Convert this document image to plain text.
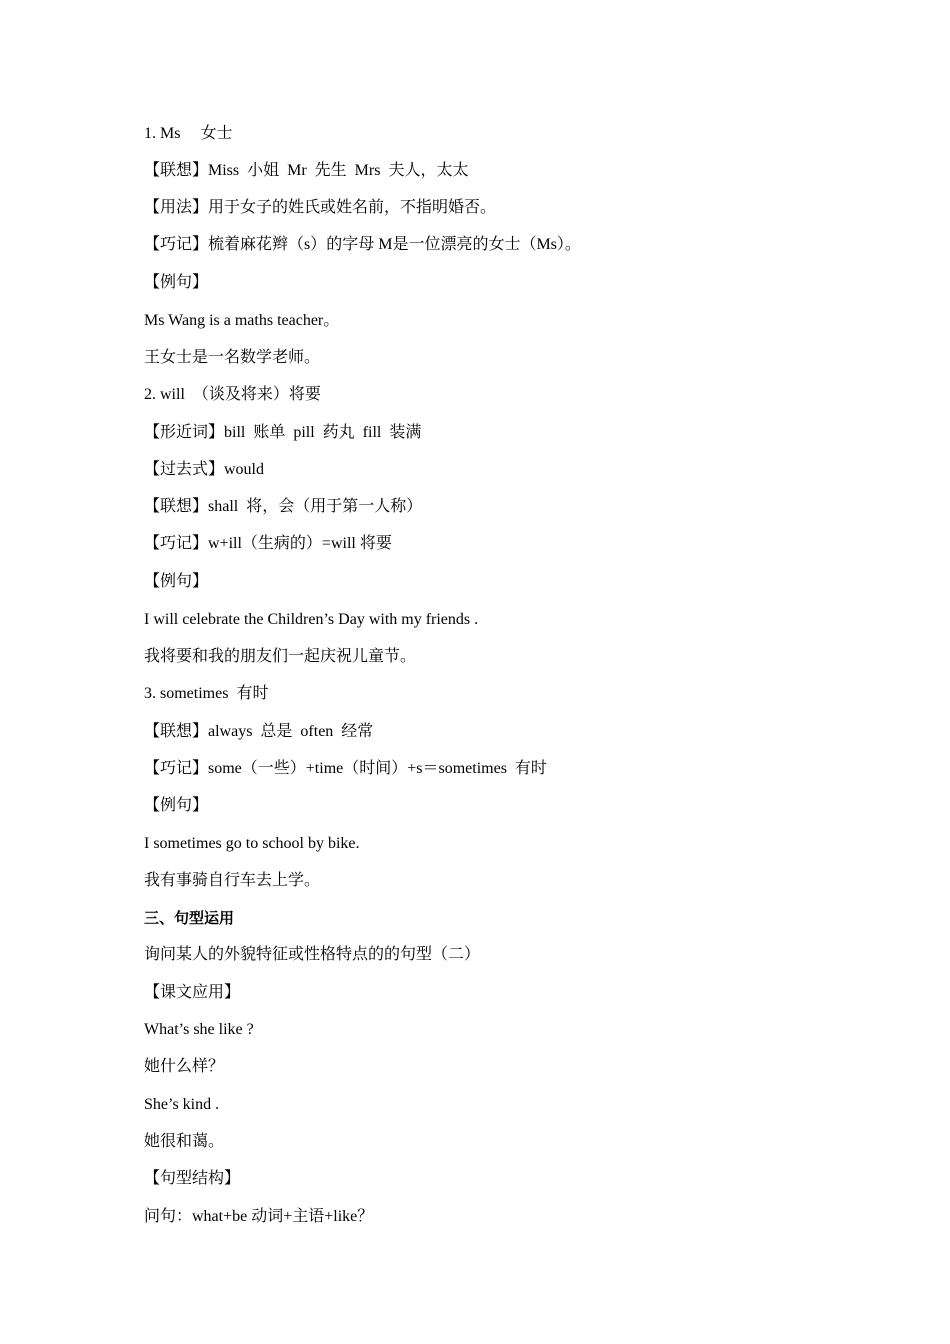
1. Ms　 女士
【联想】Miss  小姐  Mr  先生  Mrs  夫人，太太
【用法】用于女子的姓氏或姓名前，不指明婚否。
【巧记】梳着麻花辫（s）的字母 M是一位漂亮的女士（Ms）。
【例句】
Ms Wang is a maths teacher。
王女士是一名数学老师。
2. will  （谈及将来）将要
【形近词】bill  账单  pill  药丸  fill  装满
【过去式】would
【联想】shall  将，会（用于第一人称）
【巧记】w+ill（生病的）=will 将要
【例句】
I will celebrate the Children’s Day with my friends .
我将要和我的朋友们一起庆祝儿童节。
3. sometimes  有时
【联想】always  总是  often  经常
【巧记】some（一些）+time（时间）+s＝sometimes  有时
【例句】
I sometimes go to school by bike.
我有事骑自行车去上学。
三、句型运用
询问某人的外貌特征或性格特点的的句型（二）
【课文应用】
What’s she like ?
她什么样？
She’s kind .
她很和蔼。
【句型结构】
问句：what+be 动词+主语+like？
